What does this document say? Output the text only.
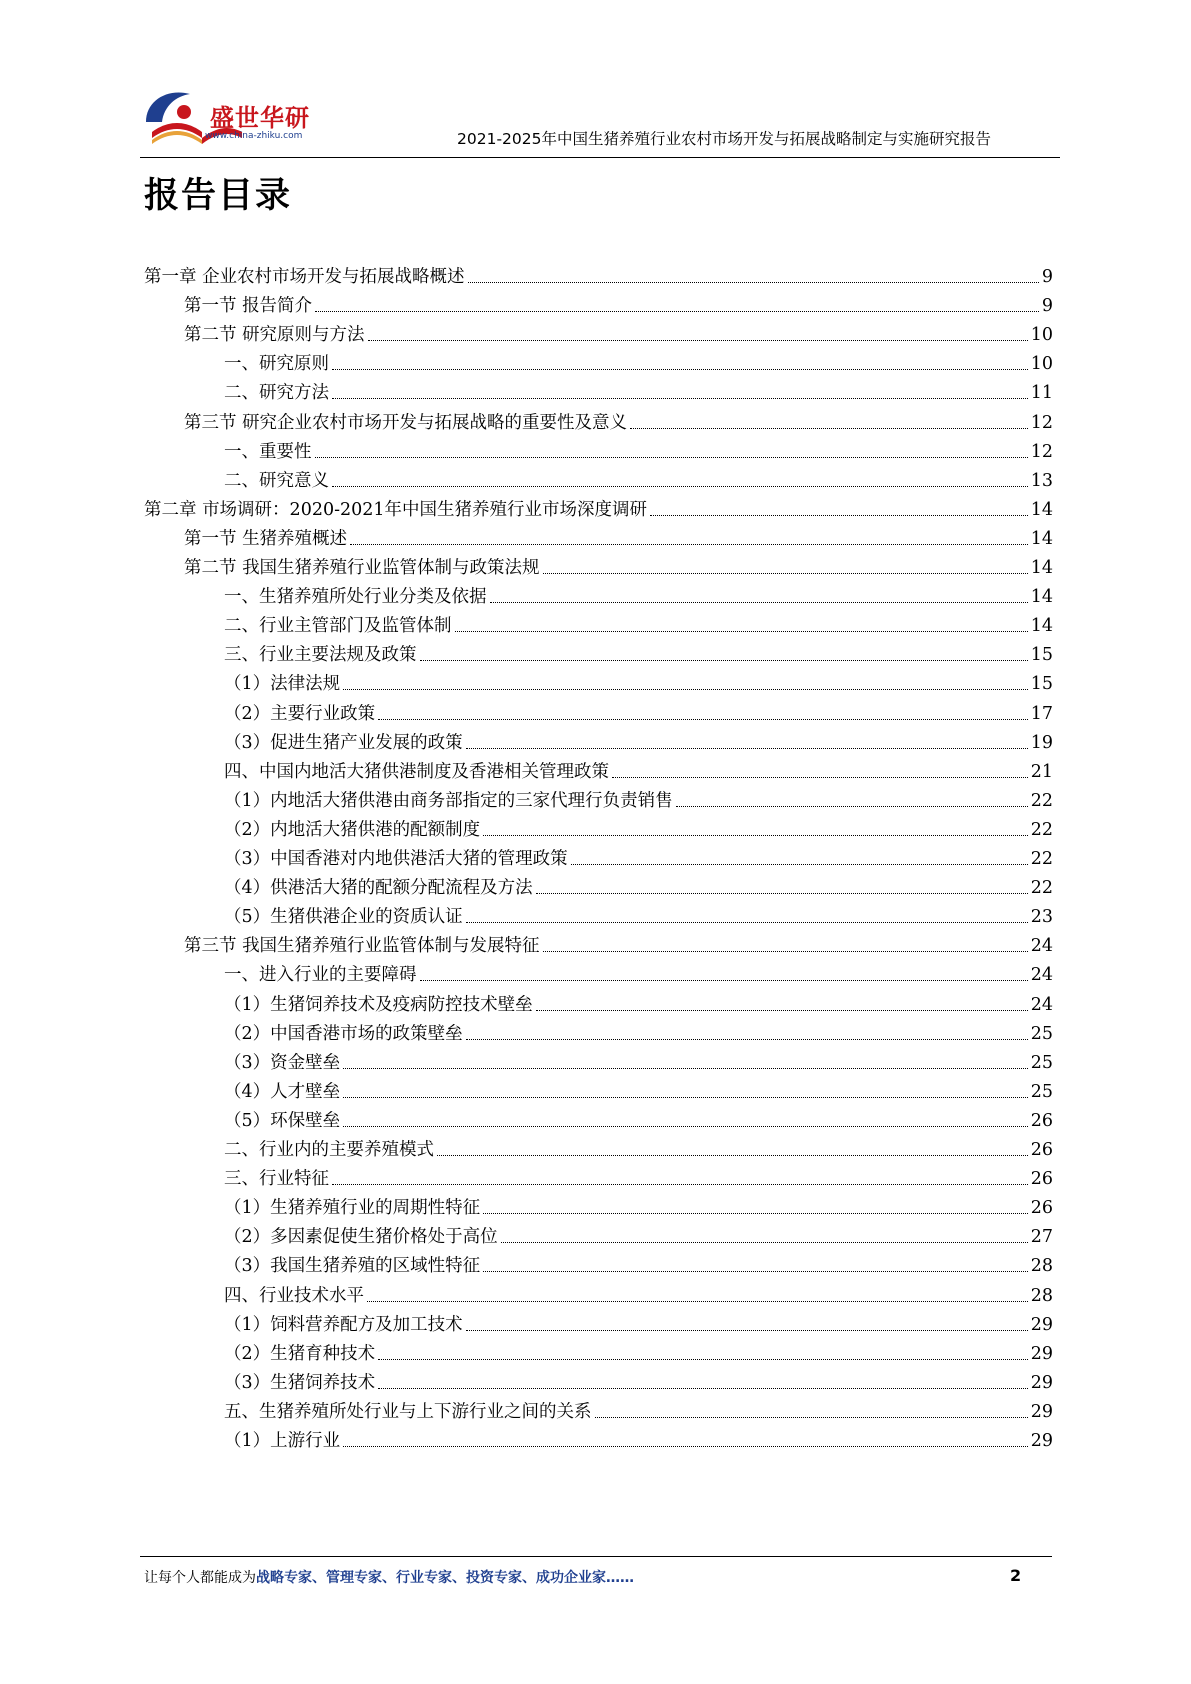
盛世华研
www.china-zhiku.com	2021-2025年中国生猪养殖行业农村市场开发与拓展战略制定与实施研究报告
报告目录
第一章 企业农村市场开发与拓展战略概述	9
第一节 报告简介	9
第二节 研究原则与方法	10
一、研究原则	10
二、研究方法	11
第三节 研究企业农村市场开发与拓展战略的重要性及意义	12
一、重要性	12
二、研究意义	13
第二章 市场调研：2020-2021年中国生猪养殖行业市场深度调研	14
第一节 生猪养殖概述	14
第二节 我国生猪养殖行业监管体制与政策法规	14
一、生猪养殖所处行业分类及依据	14
二、行业主管部门及监管体制	14
三、行业主要法规及政策	15
（1）法律法规	15
（2）主要行业政策	17
（3）促进生猪产业发展的政策	19
四、中国内地活大猪供港制度及香港相关管理政策	21
（1）内地活大猪供港由商务部指定的三家代理行负责销售	22
（2）内地活大猪供港的配额制度	22
（3）中国香港对内地供港活大猪的管理政策	22
（4）供港活大猪的配额分配流程及方法	22
（5）生猪供港企业的资质认证	23
第三节 我国生猪养殖行业监管体制与发展特征	24
一、进入行业的主要障碍	24
（1）生猪饲养技术及疫病防控技术壁垒	24
（2）中国香港市场的政策壁垒	25
（3）资金壁垒	25
（4）人才壁垒	25
（5）环保壁垒	26
二、行业内的主要养殖模式	26
三、行业特征	26
（1）生猪养殖行业的周期性特征	26
（2）多因素促使生猪价格处于高位	27
（3）我国生猪养殖的区域性特征	28
四、行业技术水平	28
（1）饲料营养配方及加工技术	29
（2）生猪育种技术	29
（3）生猪饲养技术	29
五、生猪养殖所处行业与上下游行业之间的关系	29
（1）上游行业	29
让每个人都能成为战略专家、管理专家、行业专家、投资专家、成功企业家……	2
